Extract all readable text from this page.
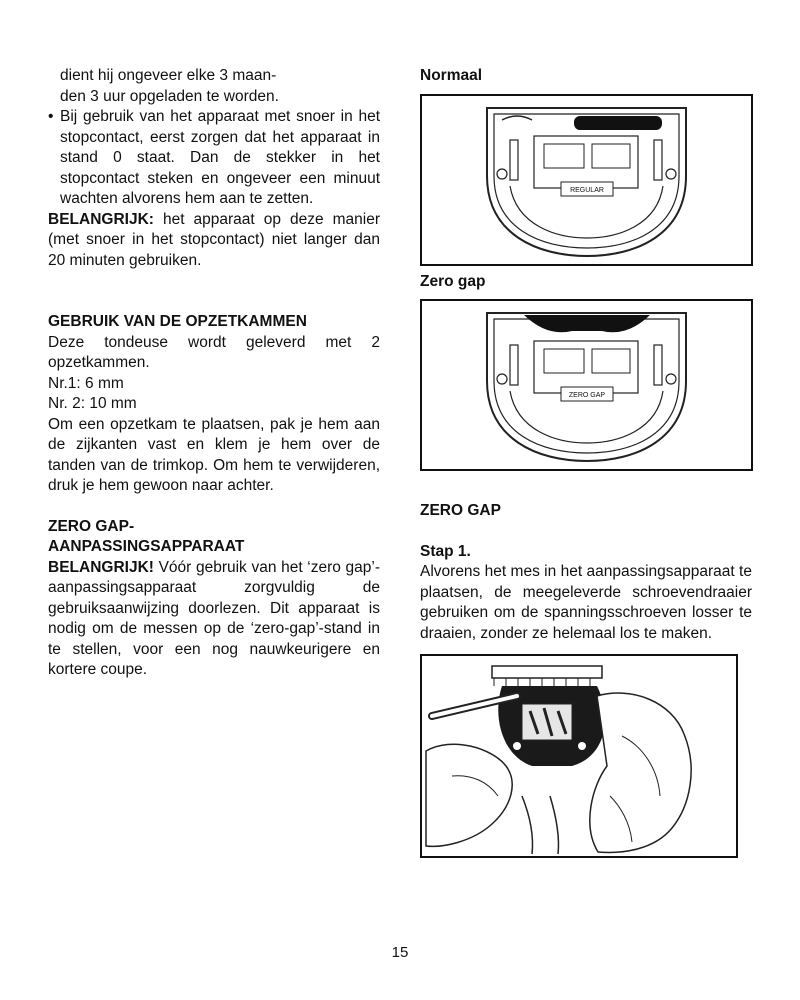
dient hij ongeveer elke 3 maan-

den 3 uur opgeladen te worden.

• Bij gebruik van het apparaat met snoer in het stopcontact, eerst zorgen dat het apparaat in stand 0 staat. Dan de stekker in het stopcontact steken en ongeveer een minuut wachten alvorens hem aan te zetten.

BELANGRIJK: het apparaat op deze manier (met snoer in het stopcontact) niet langer dan 20 minuten gebruiken.

GEBRUIK VAN DE OPZETKAMMEN

Deze tondeuse wordt geleverd met 2 opzetkammen.

Nr.1: 6 mm

Nr. 2: 10 mm

Om een opzetkam te plaatsen, pak je hem aan de zijkanten vast en klem je hem over de tanden van de trimkop. Om hem te verwijderen, druk je hem gewoon naar achter.

ZERO GAP-

AANPASSINGSAPPARAAT

BELANGRIJK! Vóór gebruik van het ‘zero gap’-aanpassingsapparaat zorgvuldig de gebruiksaanwijzing doorlezen. Dit apparaat is nodig om de messen op de ‘zero-gap’-stand in te stellen, voor een nog nauwkeurigere en kortere coupe.

Normaal

REGULAR

Zero gap

ZERO GAP

ZERO GAP

Stap 1.

Alvorens het mes in het aanpassingsapparaat te plaatsen, de meegeleverde schroevendraaier gebruiken om de spanningsschroeven losser te draaien, zonder ze helemaal los te maken.

15
